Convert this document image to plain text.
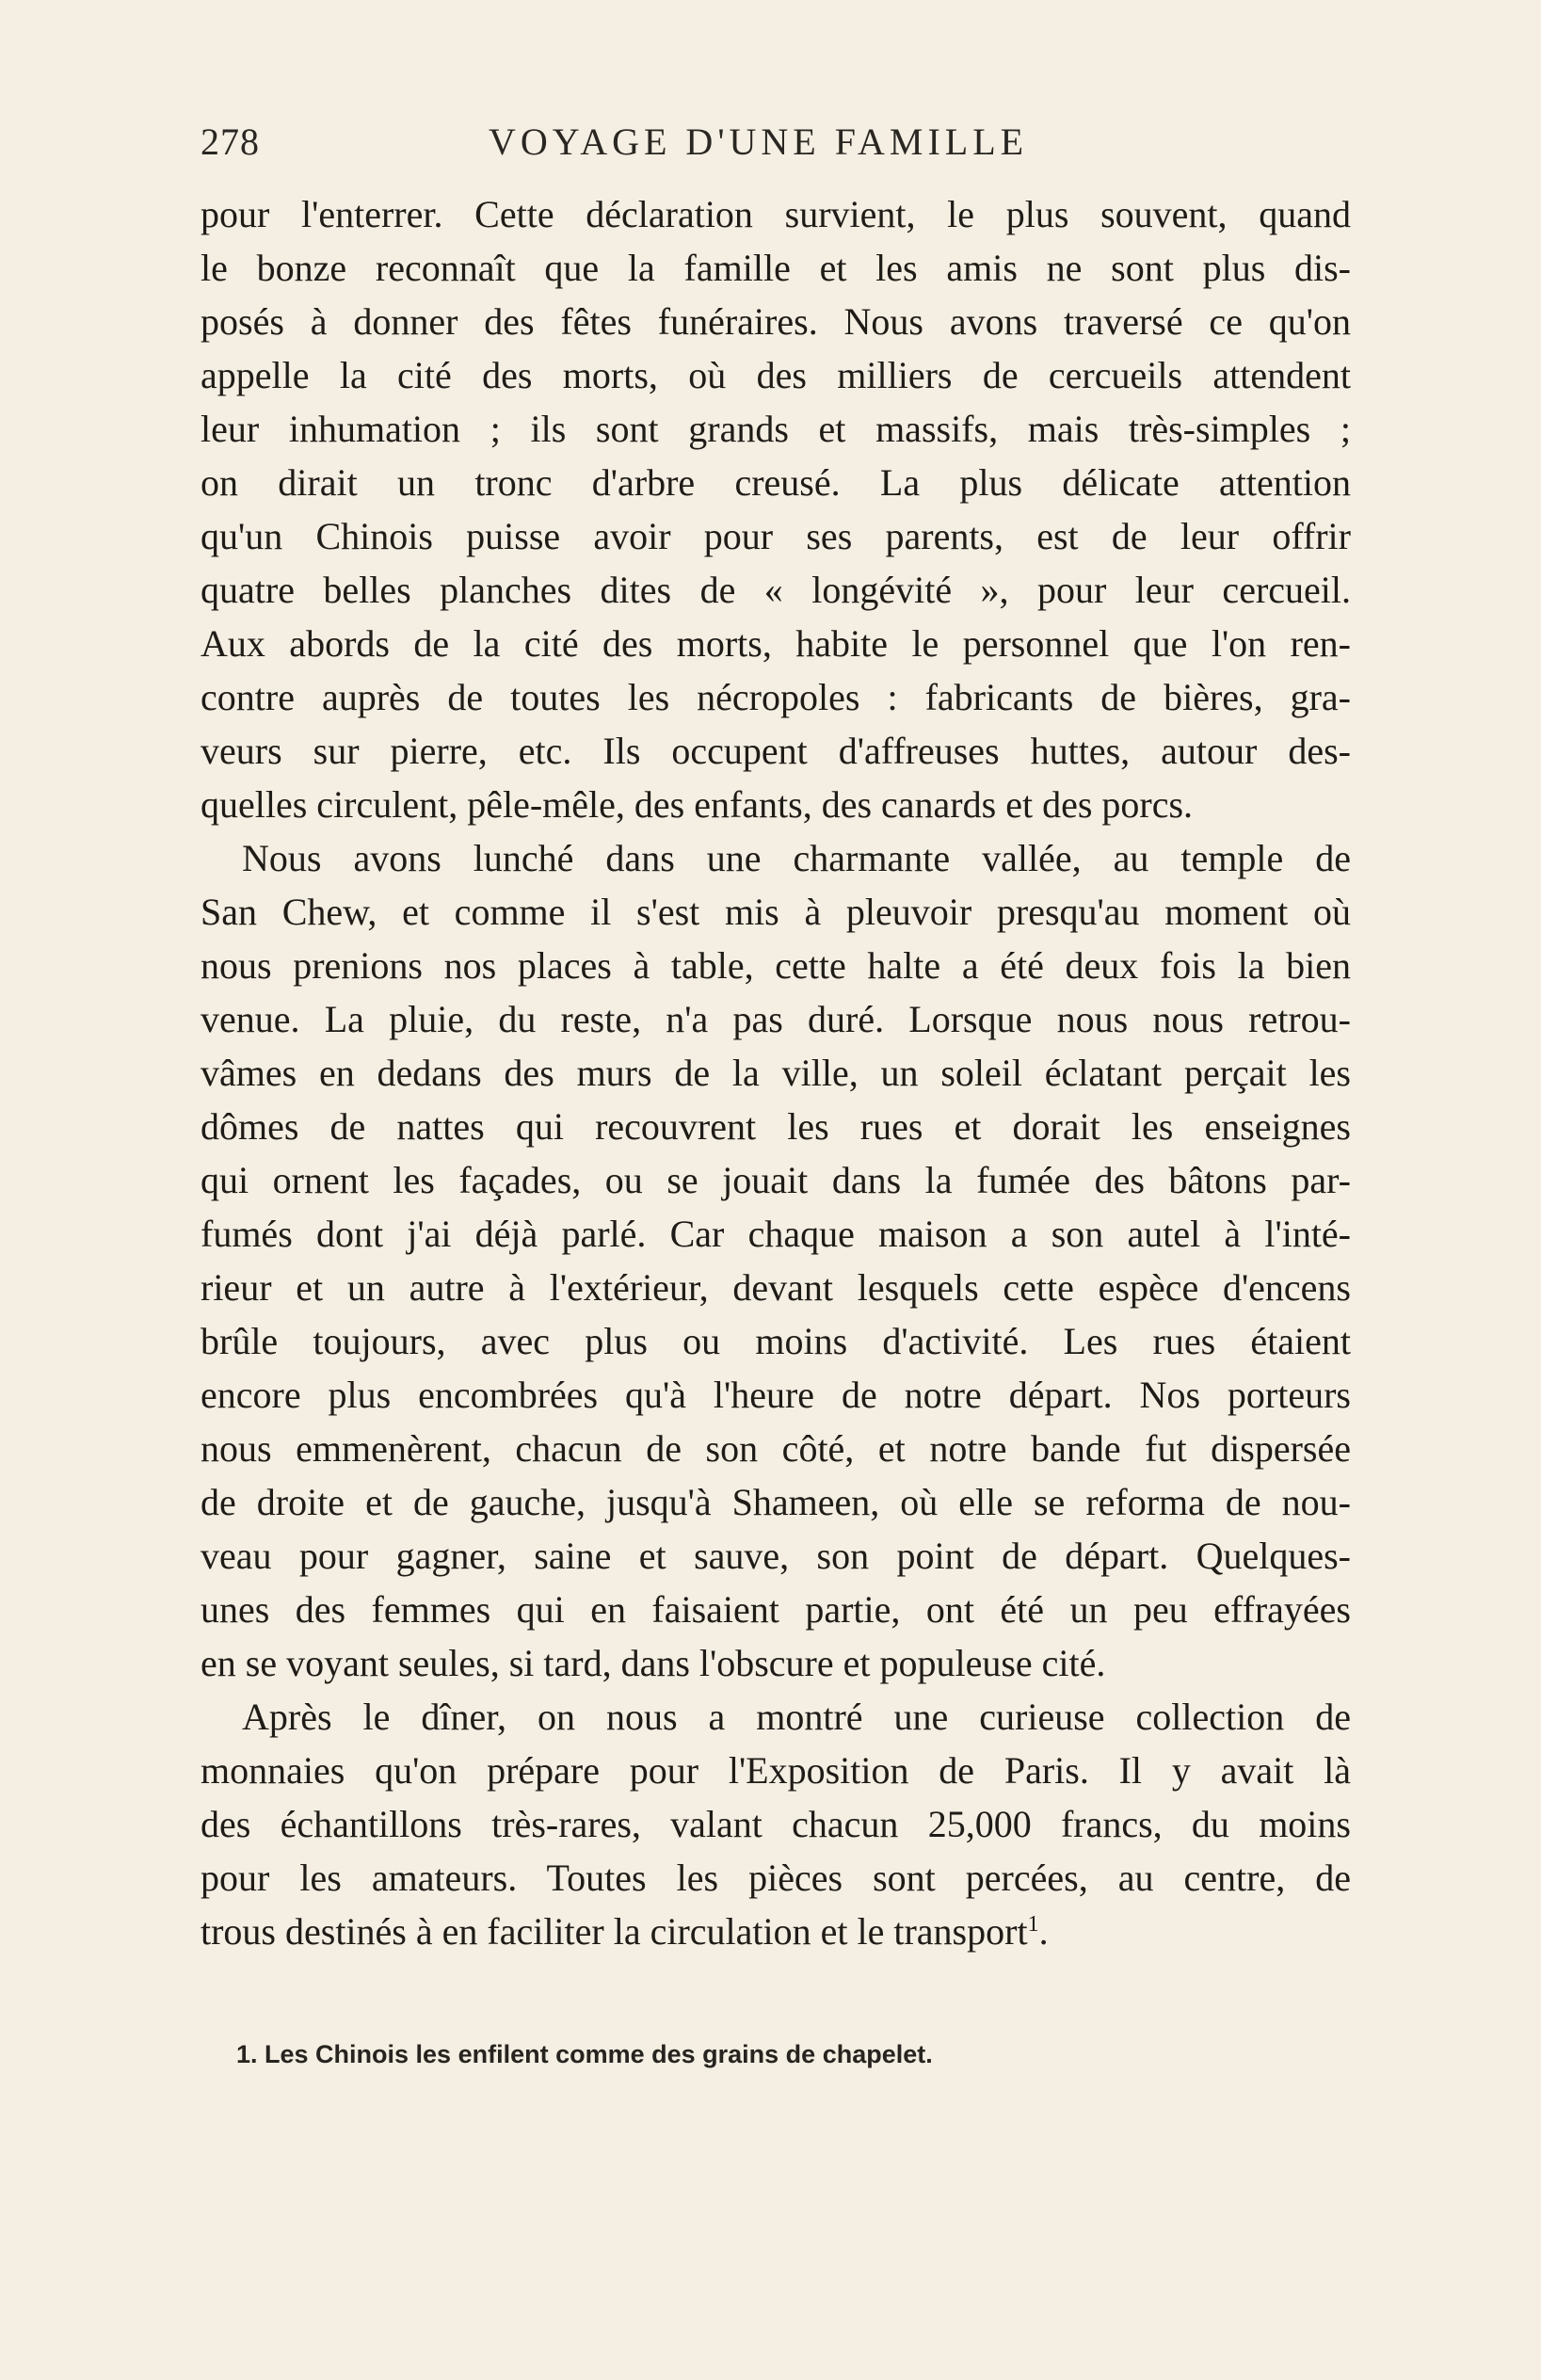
278	VOYAGE D'UNE FAMILLE
pour l'enterrer. Cette déclaration survient, le plus souvent, quand
le bonze reconnaît que la famille et les amis ne sont plus dis-
posés à donner des fêtes funéraires. Nous avons traversé ce qu'on
appelle la cité des morts, où des milliers de cercueils attendent
leur inhumation ; ils sont grands et massifs, mais très-simples ;
on dirait un tronc d'arbre creusé. La plus délicate attention
qu'un Chinois puisse avoir pour ses parents, est de leur offrir
quatre belles planches dites de « longévité », pour leur cercueil.
Aux abords de la cité des morts, habite le personnel que l'on ren-
contre auprès de toutes les nécropoles : fabricants de bières, gra-
veurs sur pierre, etc. Ils occupent d'affreuses huttes, autour des-
quelles circulent, pêle-mêle, des enfants, des canards et des porcs.
Nous avons lunché dans une charmante vallée, au temple de
San Chew, et comme il s'est mis à pleuvoir presqu'au moment où
nous prenions nos places à table, cette halte a été deux fois la bien
venue. La pluie, du reste, n'a pas duré. Lorsque nous nous retrou-
vâmes en dedans des murs de la ville, un soleil éclatant perçait les
dômes de nattes qui recouvrent les rues et dorait les enseignes
qui ornent les façades, ou se jouait dans la fumée des bâtons par-
fumés dont j'ai déjà parlé. Car chaque maison a son autel à l'inté-
rieur et un autre à l'extérieur, devant lesquels cette espèce d'encens
brûle toujours, avec plus ou moins d'activité. Les rues étaient
encore plus encombrées qu'à l'heure de notre départ. Nos porteurs
nous emmenèrent, chacun de son côté, et notre bande fut dispersée
de droite et de gauche, jusqu'à Shameen, où elle se reforma de nou-
veau pour gagner, saine et sauve, son point de départ. Quelques-
unes des femmes qui en faisaient partie, ont été un peu effrayées
en se voyant seules, si tard, dans l'obscure et populeuse cité.
Après le dîner, on nous a montré une curieuse collection de
monnaies qu'on prépare pour l'Exposition de Paris. Il y avait là
des échantillons très-rares, valant chacun 25,000 francs, du moins
pour les amateurs. Toutes les pièces sont percées, au centre, de
trous destinés à en faciliter la circulation et le transport$^1$.
1. Les Chinois les enfilent comme des grains de chapelet.
